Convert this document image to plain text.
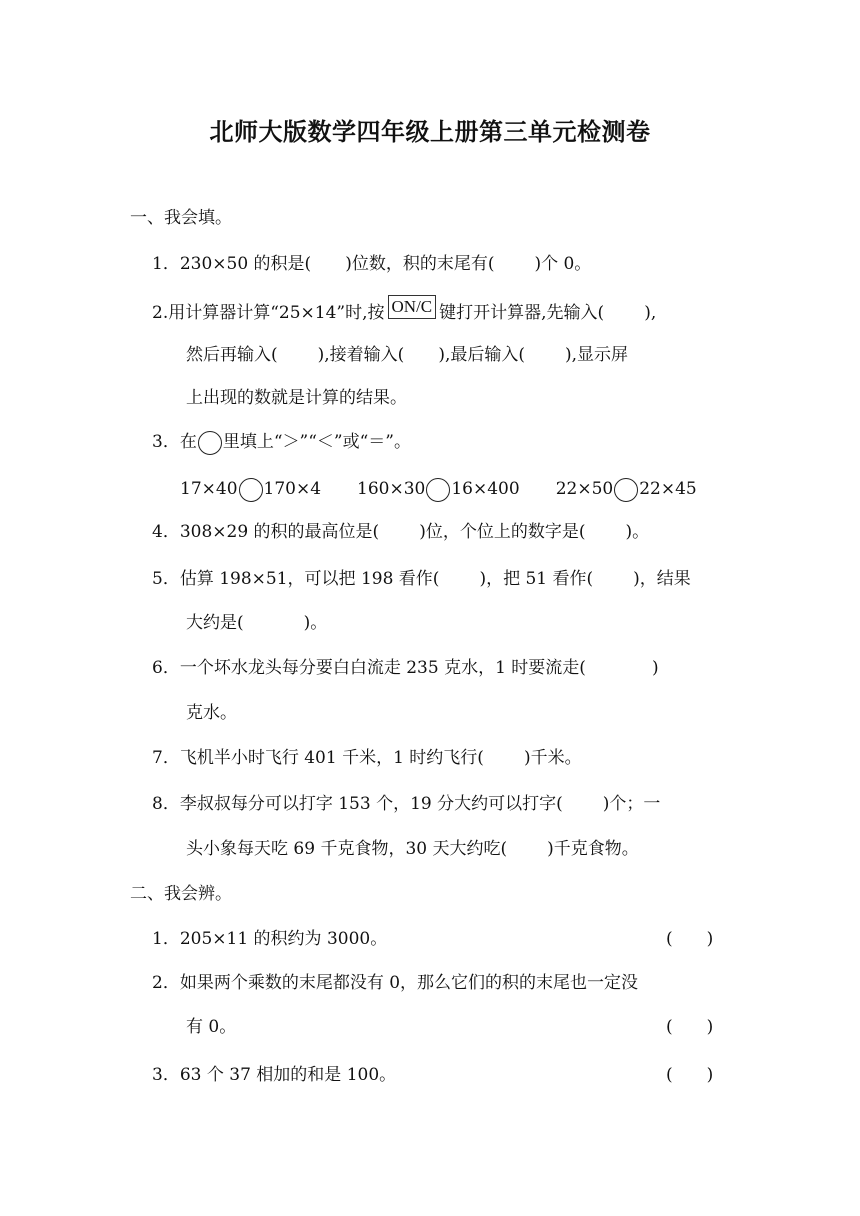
北师大版数学四年级上册第三单元检测卷
一、我会填。
1．230×50 的积是( )位数，积的末尾有( )个 0。
2.用计算器计算“25×14”时,按 ON/C 键打开计算器,先输入( ),
然后再输入( ),接着输入( ),最后输入( ),显示屏
上出现的数就是计算的结果。
3．在 里填上“＞”“＜”或“＝”。
17×40 170×4 160×30 16×400 22×50 22×45
4．308×29 的积的最高位是( )位，个位上的数字是( )。
5．估算 198×51，可以把 198 看作( )，把 51 看作( )，结果
大约是(	)。
6．一个坏水龙头每分要白白流走 235 克水，1 时要流走(	)
克水。
7．飞机半小时飞行 401 千米，1 时约飞行( )千米。
8．李叔叔每分可以打字 153 个，19 分大约可以打字( )个；一
头小象每天吃 69 千克食物，30 天大约吃( )千克食物。
二、我会辨。
1．205×11 的积约为 3000。	( )
2．如果两个乘数的末尾都没有 0，那么它们的积的末尾也一定没
有 0。	( )
3．63 个 37 相加的和是 100。	( )
